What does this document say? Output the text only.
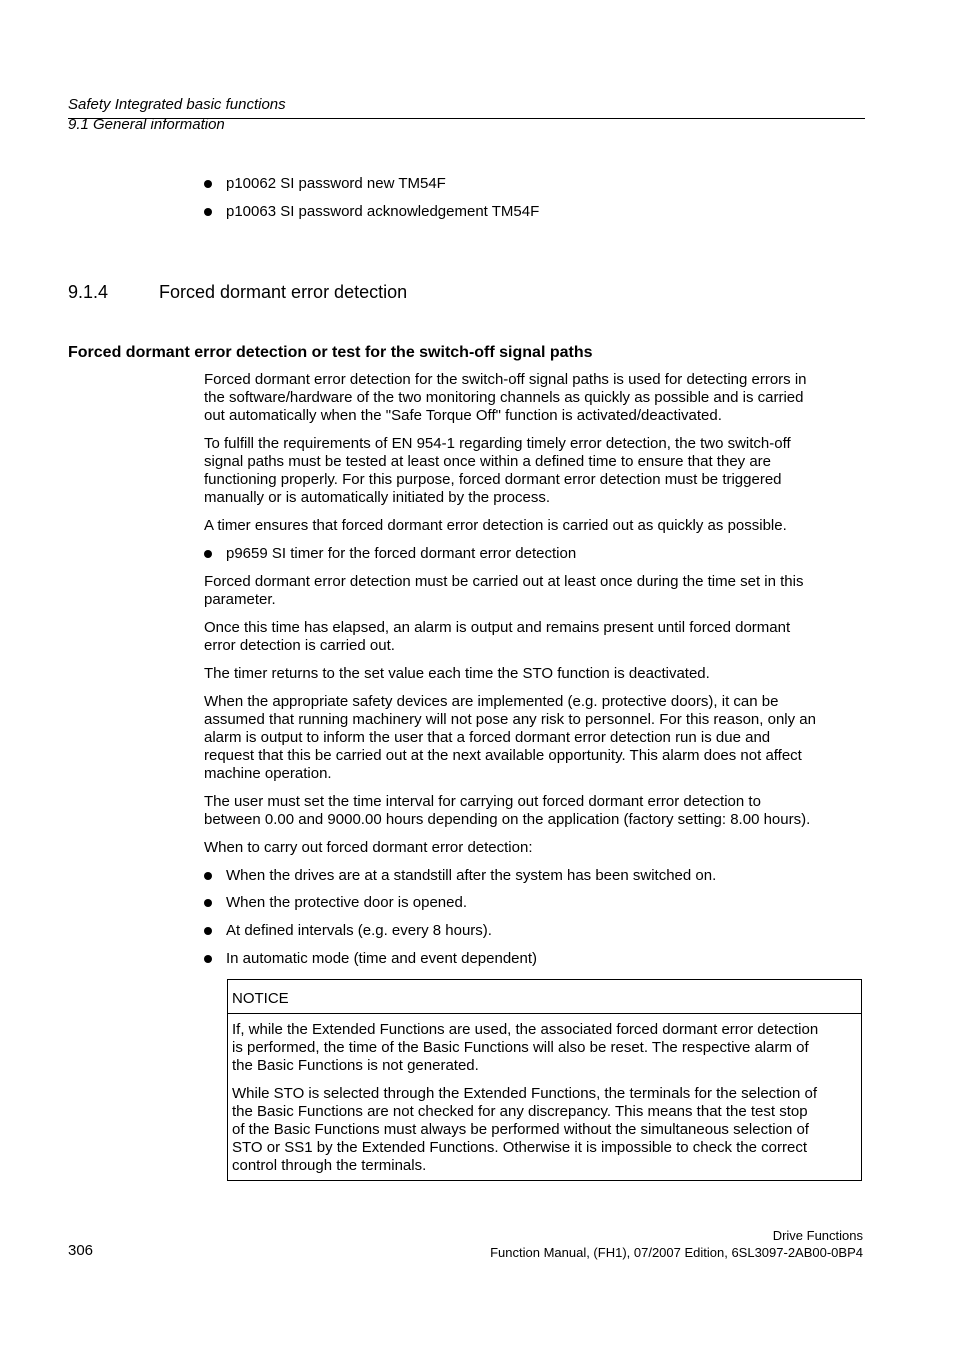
Safety Integrated basic functions
9.1 General information
p10062 SI password new TM54F
p10063 SI password acknowledgement TM54F
9.1.4	Forced dormant error detection
Forced dormant error detection or test for the switch-off signal paths
Forced dormant error detection for the switch-off signal paths is used for detecting errors in
the software/hardware of the two monitoring channels as quickly as possible and is carried
out automatically when the "Safe Torque Off" function is activated/deactivated.
To fulfill the requirements of EN 954-1 regarding timely error detection, the two switch-off
signal paths must be tested at least once within a defined time to ensure that they are
functioning properly. For this purpose, forced dormant error detection must be triggered
manually or is automatically initiated by the process.
A timer ensures that forced dormant error detection is carried out as quickly as possible.
p9659 SI timer for the forced dormant error detection
Forced dormant error detection must be carried out at least once during the time set in this
parameter.
Once this time has elapsed, an alarm is output and remains present until forced dormant
error detection is carried out.
The timer returns to the set value each time the STO function is deactivated.
When the appropriate safety devices are implemented (e.g. protective doors), it can be
assumed that running machinery will not pose any risk to personnel. For this reason, only an
alarm is output to inform the user that a forced dormant error detection run is due and
request that this be carried out at the next available opportunity. This alarm does not affect
machine operation.
The user must set the time interval for carrying out forced dormant error detection to
between 0.00 and 9000.00 hours depending on the application (factory setting: 8.00 hours).
When to carry out forced dormant error detection:
When the drives are at a standstill after the system has been switched on.
When the protective door is opened.
At defined intervals (e.g. every 8 hours).
In automatic mode (time and event dependent)
NOTICE
If, while the Extended Functions are used, the associated forced dormant error detection
is performed, the time of the Basic Functions will also be reset. The respective alarm of
the Basic Functions is not generated.
While STO is selected through the Extended Functions, the terminals for the selection of
the Basic Functions are not checked for any discrepancy. This means that the test stop
of the Basic Functions must always be performed without the simultaneous selection of
STO or SS1 by the Extended Functions. Otherwise it is impossible to check the correct
control through the terminals.
306
Drive Functions
Function Manual, (FH1), 07/2007 Edition, 6SL3097-2AB00-0BP4
